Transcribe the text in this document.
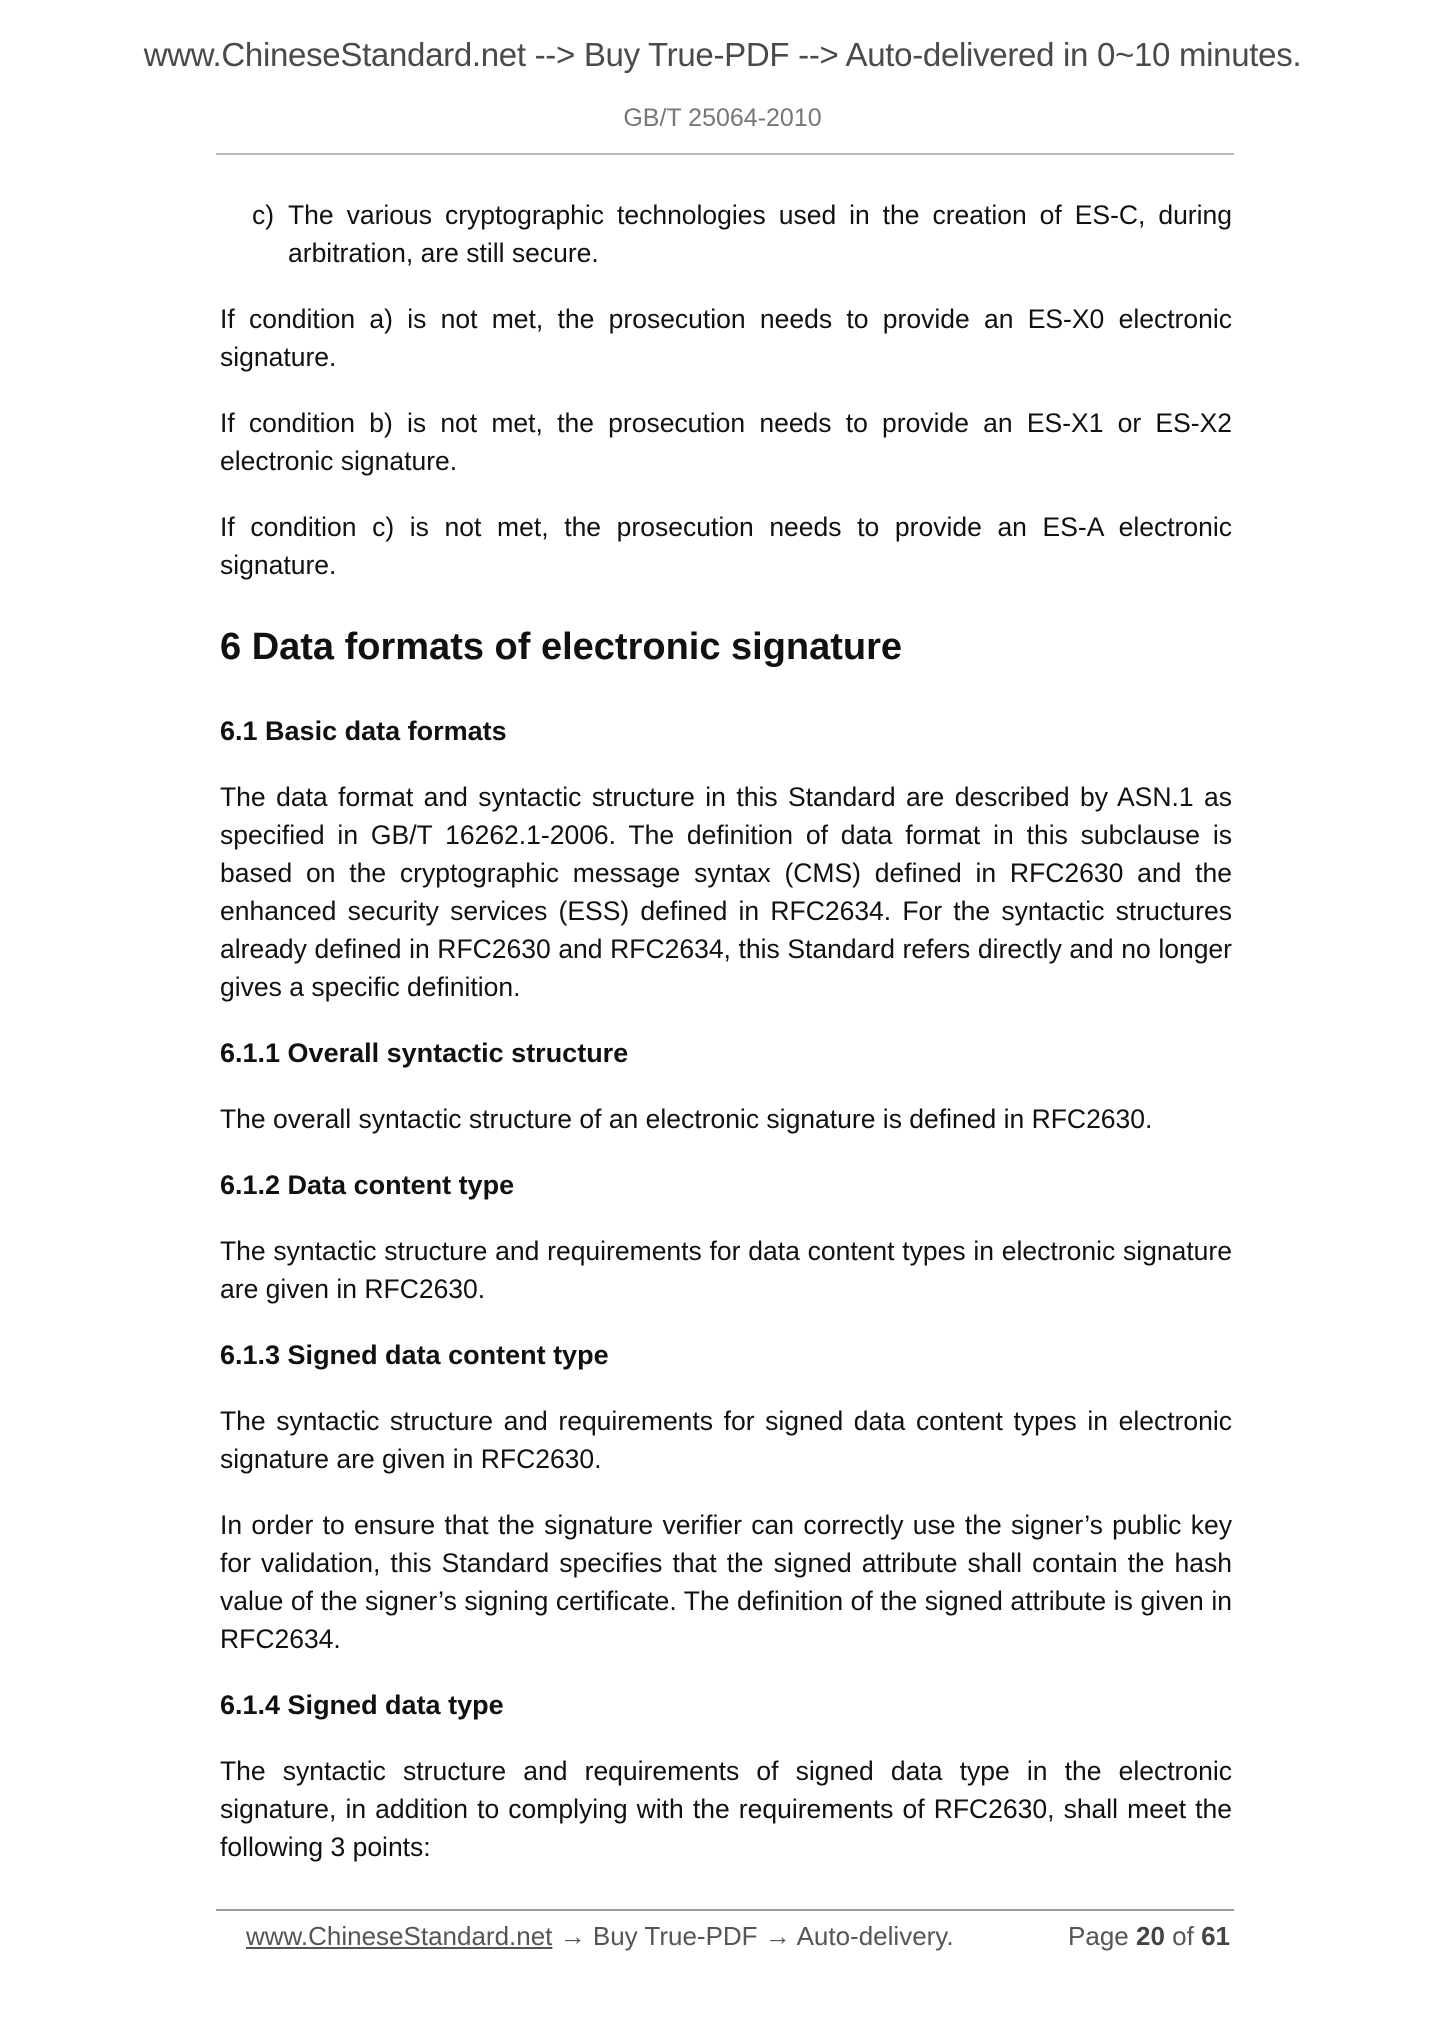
www.ChineseStandard.net --> Buy True-PDF --> Auto-delivered in 0~10 minutes.
GB/T 25064-2010
c) The various cryptographic technologies used in the creation of ES-C, during arbitration, are still secure.

If condition a) is not met, the prosecution needs to provide an ES-X0 electronic signature.

If condition b) is not met, the prosecution needs to provide an ES-X1 or ES-X2 electronic signature.

If condition c) is not met, the prosecution needs to provide an ES-A electronic signature.

6 Data formats of electronic signature
6.1 Basic data formats

The data format and syntactic structure in this Standard are described by ASN.1 as specified in GB/T 16262.1-2006. The definition of data format in this subclause is based on the cryptographic message syntax (CMS) defined in RFC2630 and the enhanced security services (ESS) defined in RFC2634. For the syntactic structures already defined in RFC2630 and RFC2634, this Standard refers directly and no longer gives a specific definition.

6.1.1 Overall syntactic structure

The overall syntactic structure of an electronic signature is defined in RFC2630.

6.1.2 Data content type

The syntactic structure and requirements for data content types in electronic signature are given in RFC2630.

6.1.3 Signed data content type

The syntactic structure and requirements for signed data content types in electronic signature are given in RFC2630.

In order to ensure that the signature verifier can correctly use the signer’s public key for validation, this Standard specifies that the signed attribute shall contain the hash value of the signer’s signing certificate. The definition of the signed attribute is given in RFC2634.

6.1.4 Signed data type

The syntactic structure and requirements of signed data type in the electronic signature, in addition to complying with the requirements of RFC2630, shall meet the following 3 points:

www.ChineseStandard.net → Buy True-PDF → Auto-delivery.	Page 20 of 61
